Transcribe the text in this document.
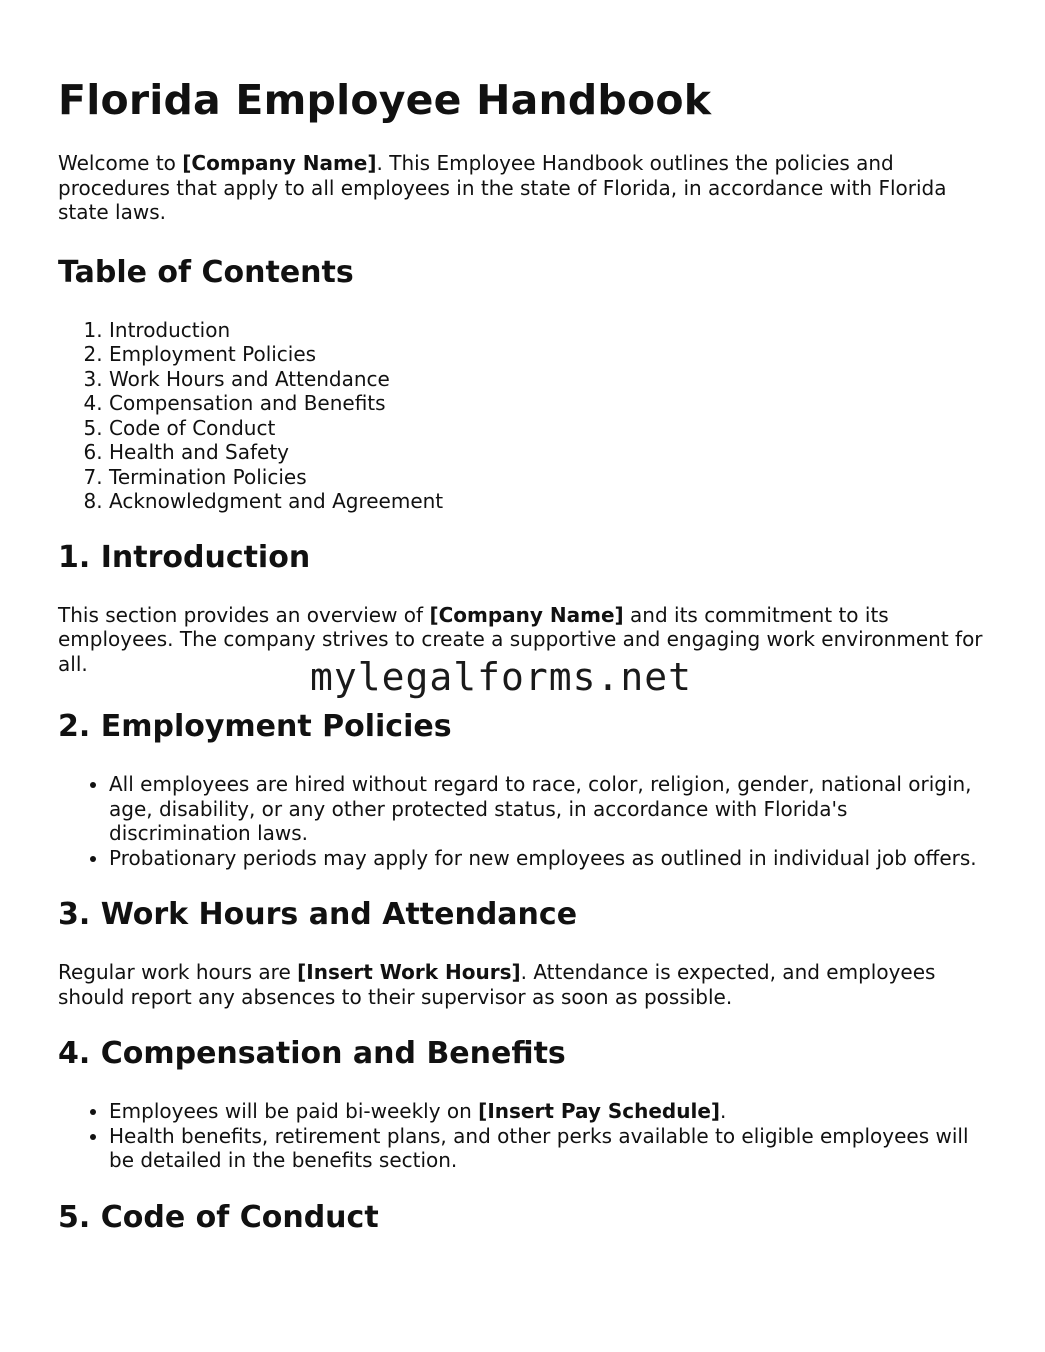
Florida Employee Handbook

Welcome to [Company Name]. This Employee Handbook outlines the policies and procedures that apply to all employees in the state of Florida, in accordance with Florida state laws.

Table of Contents
1. Introduction
2. Employment Policies
3. Work Hours and Attendance
4. Compensation and Benefits
5. Code of Conduct
6. Health and Safety
7. Termination Policies
8. Acknowledgment and Agreement
1. Introduction

This section provides an overview of [Company Name] and its commitment to its employees. The company strives to create a supportive and engaging work environment for all.

2. Employment Policies
• All employees are hired without regard to race, color, religion, gender, national origin, age, disability, or any other protected status, in accordance with Florida's discrimination laws.
• Probationary periods may apply for new employees as outlined in individual job offers.
3. Work Hours and Attendance

Regular work hours are [Insert Work Hours]. Attendance is expected, and employees should report any absences to their supervisor as soon as possible.

4. Compensation and Benefits
• Employees will be paid bi-weekly on [Insert Pay Schedule].
• Health benefits, retirement plans, and other perks available to eligible employees will be detailed in the benefits section.
5. Code of Conduct
mylegalforms.net
